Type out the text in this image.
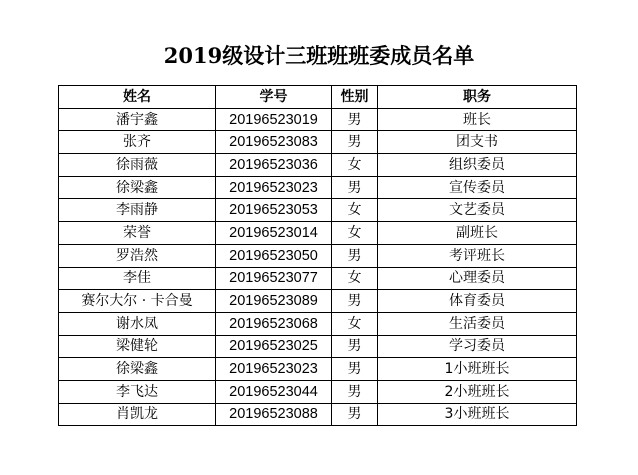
2019级设计三班班班委成员名单
姓名	学号	性别	职务
潘宇鑫	20196523019	男	班长
张齐	20196523083	男	团支书
徐雨薇	20196523036	女	组织委员
徐梁鑫	20196523023	男	宣传委员
李雨静	20196523053	女	文艺委员
荣誉	20196523014	女	副班长
罗浩然	20196523050	男	考评班长
李佳	20196523077	女	心理委员
赛尔大尔 · 卡合曼	20196523089	男	体育委员
谢水凤	20196523068	女	生活委员
梁健轮	20196523025	男	学习委员
徐梁鑫	20196523023	男	1小班班长
李飞达	20196523044	男	2小班班长
肖凯龙	20196523088	男	3小班班长
